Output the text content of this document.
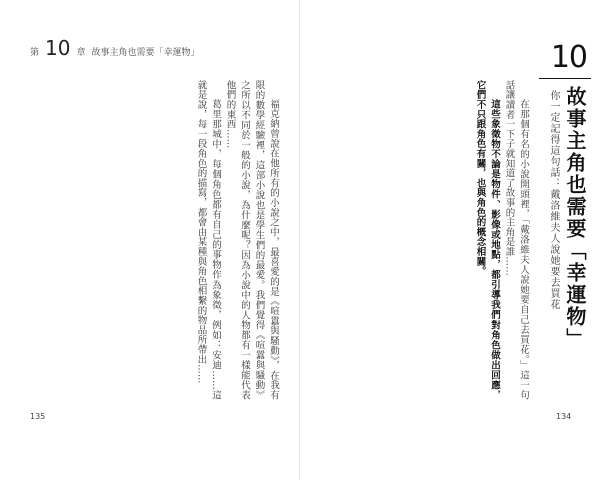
第 10 章 故事主角也需要「幸運物」

福克納曾說在他所有的小說之中，最喜愛的是《喧囂與騷動》，在我有限的數學經驗裡，這部小說也是學生們的最愛。我們覺得《喧囂與騷動》之所以不同於一般的小說，為什麼呢？因為小說中的人物都有一樣能代表他們的東西……

葛里那城中，每個角色都有自己的事物作為象徵，例如：安迪……這就是說，每一段角色的描寫，都會由某種與角色相繫的物品所帶出……

135

在那個有名的小說開頭裡，「戴洛維夫人說她要自己去買花。」這一句話讓讀者一下子就知道了故事的主角是誰……

這些象徵物不論是物件、影像或地點，都引導我們對角色做出回應，它們不只跟角色有關，也與角色的概念相關。

10
故事主角也需要「幸運物」
你一定記得這句話：戴洛維夫人說她要去買花
134
